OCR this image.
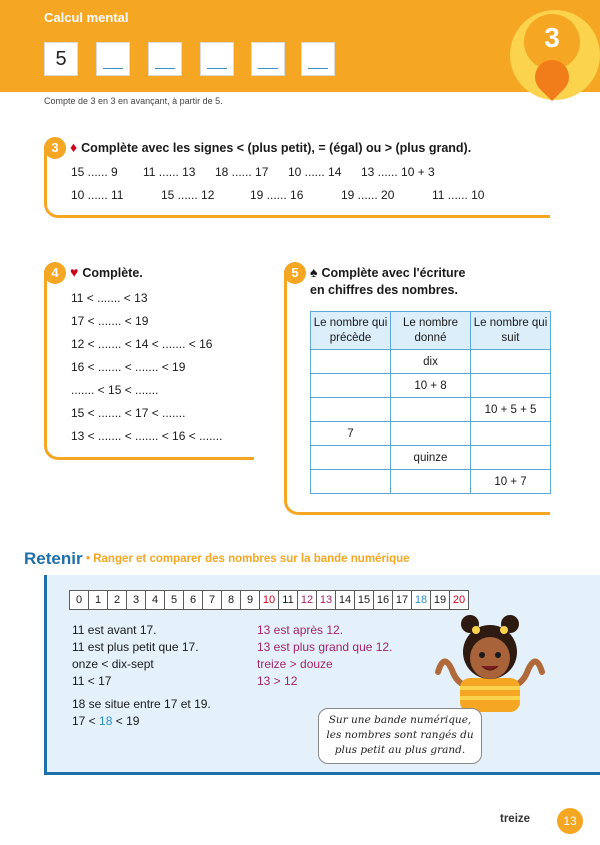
Calcul mental
5
3
Compte de 3 en 3 en avançant, à partir de 5.
3 ♦ Complète avec les signes < (plus petit), = (égal) ou > (plus grand).
15 ...... 9 11 ...... 13 18 ...... 17 10 ...... 14 13 ...... 10 + 3
10 ...... 11	15 ...... 12	19 ...... 16	19 ...... 20	11 ...... 10
4 ♥ Complète.
11 < ....... < 13
17 < ....... < 19
12 < ....... < 14 < ....... < 16
16 < ....... < ....... < 19
....... < 15 < .......
15 < ....... < 17 < .......
13 < ....... < ....... < 16 < .......
5 ♠ Complète avec l'écriture
en chiffres des nombres.
Le nombre qui précède	Le nombre donné	Le nombre qui suit
	dix	
	10 + 8	
		10 + 5 + 5
7		
	quinze	
		10 + 7
Retenir • Ranger et comparer des nombres sur la bande numérique
0	1	2	3	4	5	6	7	8	9 10 11 12 13 14 15 16 17 18 19 20
11 est avant 17.
11 est plus petit que 17.
onze < dix-sept
11 < 17
18 se situe entre 17 et 19.
17 < 18 < 19
13 est après 12.
13 est plus grand que 12.
treize > douze
13 > 12
Sur une bande numérique, les nombres sont rangés du plus petit au plus grand.
treize	13
